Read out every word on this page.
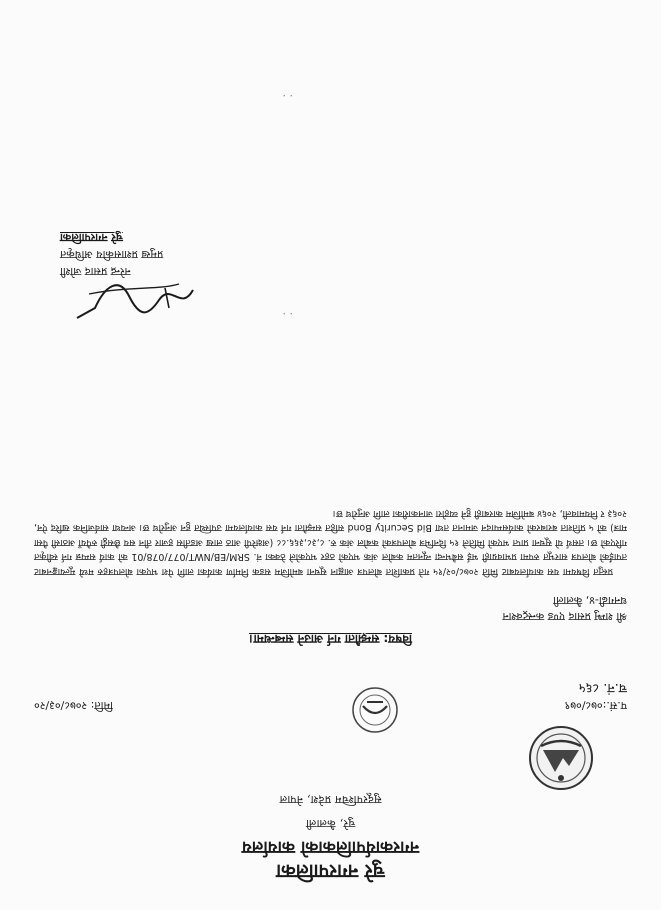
चुरे नगरपालिका
नगरकार्यपालिकाको कार्यालय
चुरे, कैलाली
सुदूरपश्चिम प्रदेश, नेपाल
प.सं.:०७८/०७९
च.नं. ८६५
मिति: २०७८/०३/२०
विषय: सम्झौता गर्न आउने सम्बन्धमा।
श्री शम्भु प्रसाद एण्ड कन्स्ट्रक्शन
धनगढी-४, कैलाली
प्रस्तुत विषयमा यस कार्यालयबाट मिति २०७८/०२/१५ गते प्रकाशित बोलपत्र आह्वान सूचना बमोजिम सडक निर्माण कार्यका लागि पेश भएका बोलपत्रहरु मध्ये मूल्याङ्कनबाट तपाईंको बोलपत्र सारभूत रुपमा प्रभावग्राही भई सबैभन्दा न्यूनतम कबोल अंक भएको ठहर भएकोले ठेक्का नं. SRM/EB/NWT/077/078/01 को कार्य सम्पन्न गर्न स्वीकृत गरिएको छ। तसर्थ यो सूचना प्राप्त भएको मितिले १५ दिनभित्र बोलपत्रको कबोल अंक रु. ८,३८,३६६.८८ (अक्षरेपी आठ लाख अडतीस हजार तीन सय छैसट्ठी रुपैयाँ अठासी पैसा मात्र) को ५ प्रतिशत बराबरको कार्यसम्पादन जमानत तथा Bid Security Bond सहित सम्झौता गर्न यस कार्यालयमा उपस्थित हुन अनुरोध छ। अन्यथा सार्वजनिक खरिद ऐन, २०६३ र नियमावली, २०६४ बमोजिम कारबाही हुने व्यहोरा जानकारीका लागि अनुरोध छ।
· ·
· ·
नरेन्द्र प्रसाद जोशी
प्रमुख प्रशासकीय अधिकृत
चुरे नगरपालिका
